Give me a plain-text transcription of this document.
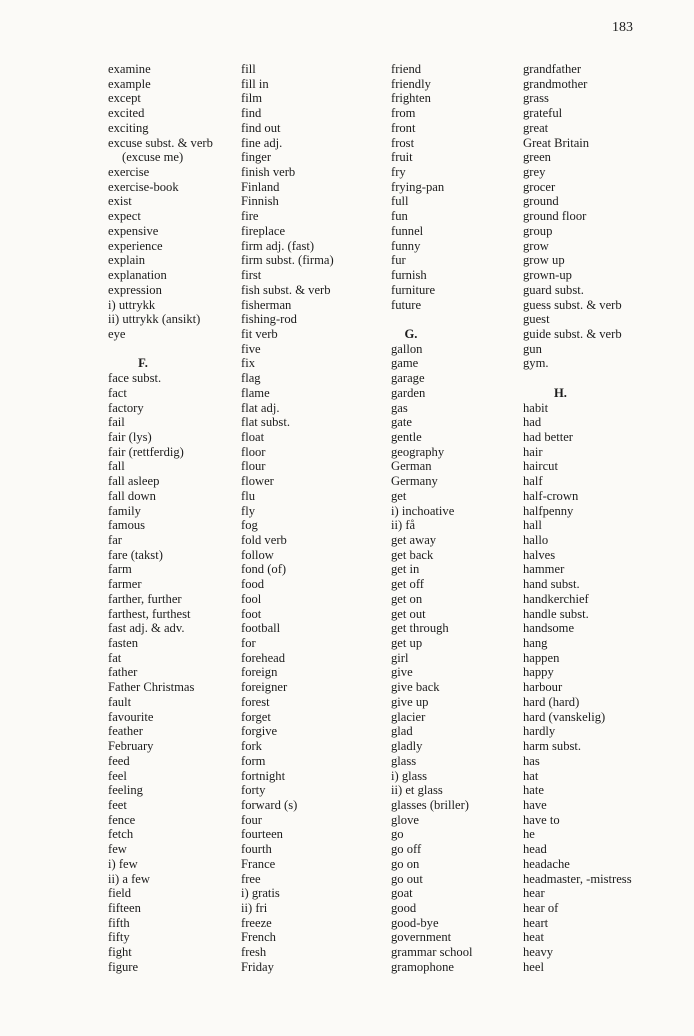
183
examine
example
except
excited
exciting
excuse subst. & verb
(excuse me)
exercise
exercise-book
exist
expect
expensive
experience
explain
explanation
expression
i) uttrykk
ii) uttrykk (ansikt)
eye
F.
face subst.
fact
factory
fail
fair (lys)
fair (rettferdig)
fall
fall asleep
fall down
family
famous
far
fare (takst)
farm
farmer
farther, further
farthest, furthest
fast adj. & adv.
fasten
fat
father
Father Christmas
fault
favourite
feather
February
feed
feel
feeling
feet
fence
fetch
few
i) few
ii) a few
field
fifteen
fifth
fifty
fight
figure
fill
fill in
film
find
find out
fine adj.
finger
finish verb
Finland
Finnish
fire
fireplace
firm adj. (fast)
firm subst. (firma)
first
fish subst. & verb
fisherman
fishing-rod
fit verb
five
fix
flag
flame
flat adj.
flat subst.
float
floor
flour
flower
flu
fly
fog
fold verb
follow
fond (of)
food
fool
foot
football
for
forehead
foreign
foreigner
forest
forget
forgive
fork
form
fortnight
forty
forward (s)
four
fourteen
fourth
France
free
i) gratis
ii) fri
freeze
French
fresh
Friday
friend
friendly
frighten
from
front
frost
fruit
fry
frying-pan
full
fun
funnel
funny
fur
furnish
furniture
future
G.
gallon
game
garage
garden
gas
gate
gentle
geography
German
Germany
get
i) inchoative
ii) få
get away
get back
get in
get off
get on
get out
get through
get up
girl
give
give back
give up
glacier
glad
gladly
glass
i) glass
ii) et glass
glasses (briller)
glove
go
go off
go on
go out
goat
good
good-bye
government
grammar school
gramophone
grandfather
grandmother
grass
grateful
great
Great Britain
green
grey
grocer
ground
ground floor
group
grow
grow up
grown-up
guard subst.
guess subst. & verb
guest
guide subst. & verb
gun
gym.
H.
habit
had
had better
hair
haircut
half
half-crown
halfpenny
hall
hallo
halves
hammer
hand subst.
handkerchief
handle subst.
handsome
hang
happen
happy
harbour
hard (hard)
hard (vanskelig)
hardly
harm subst.
has
hat
hate
have
have to
he
head
headache
headmaster, -mistress
hear
hear of
heart
heat
heavy
heel
